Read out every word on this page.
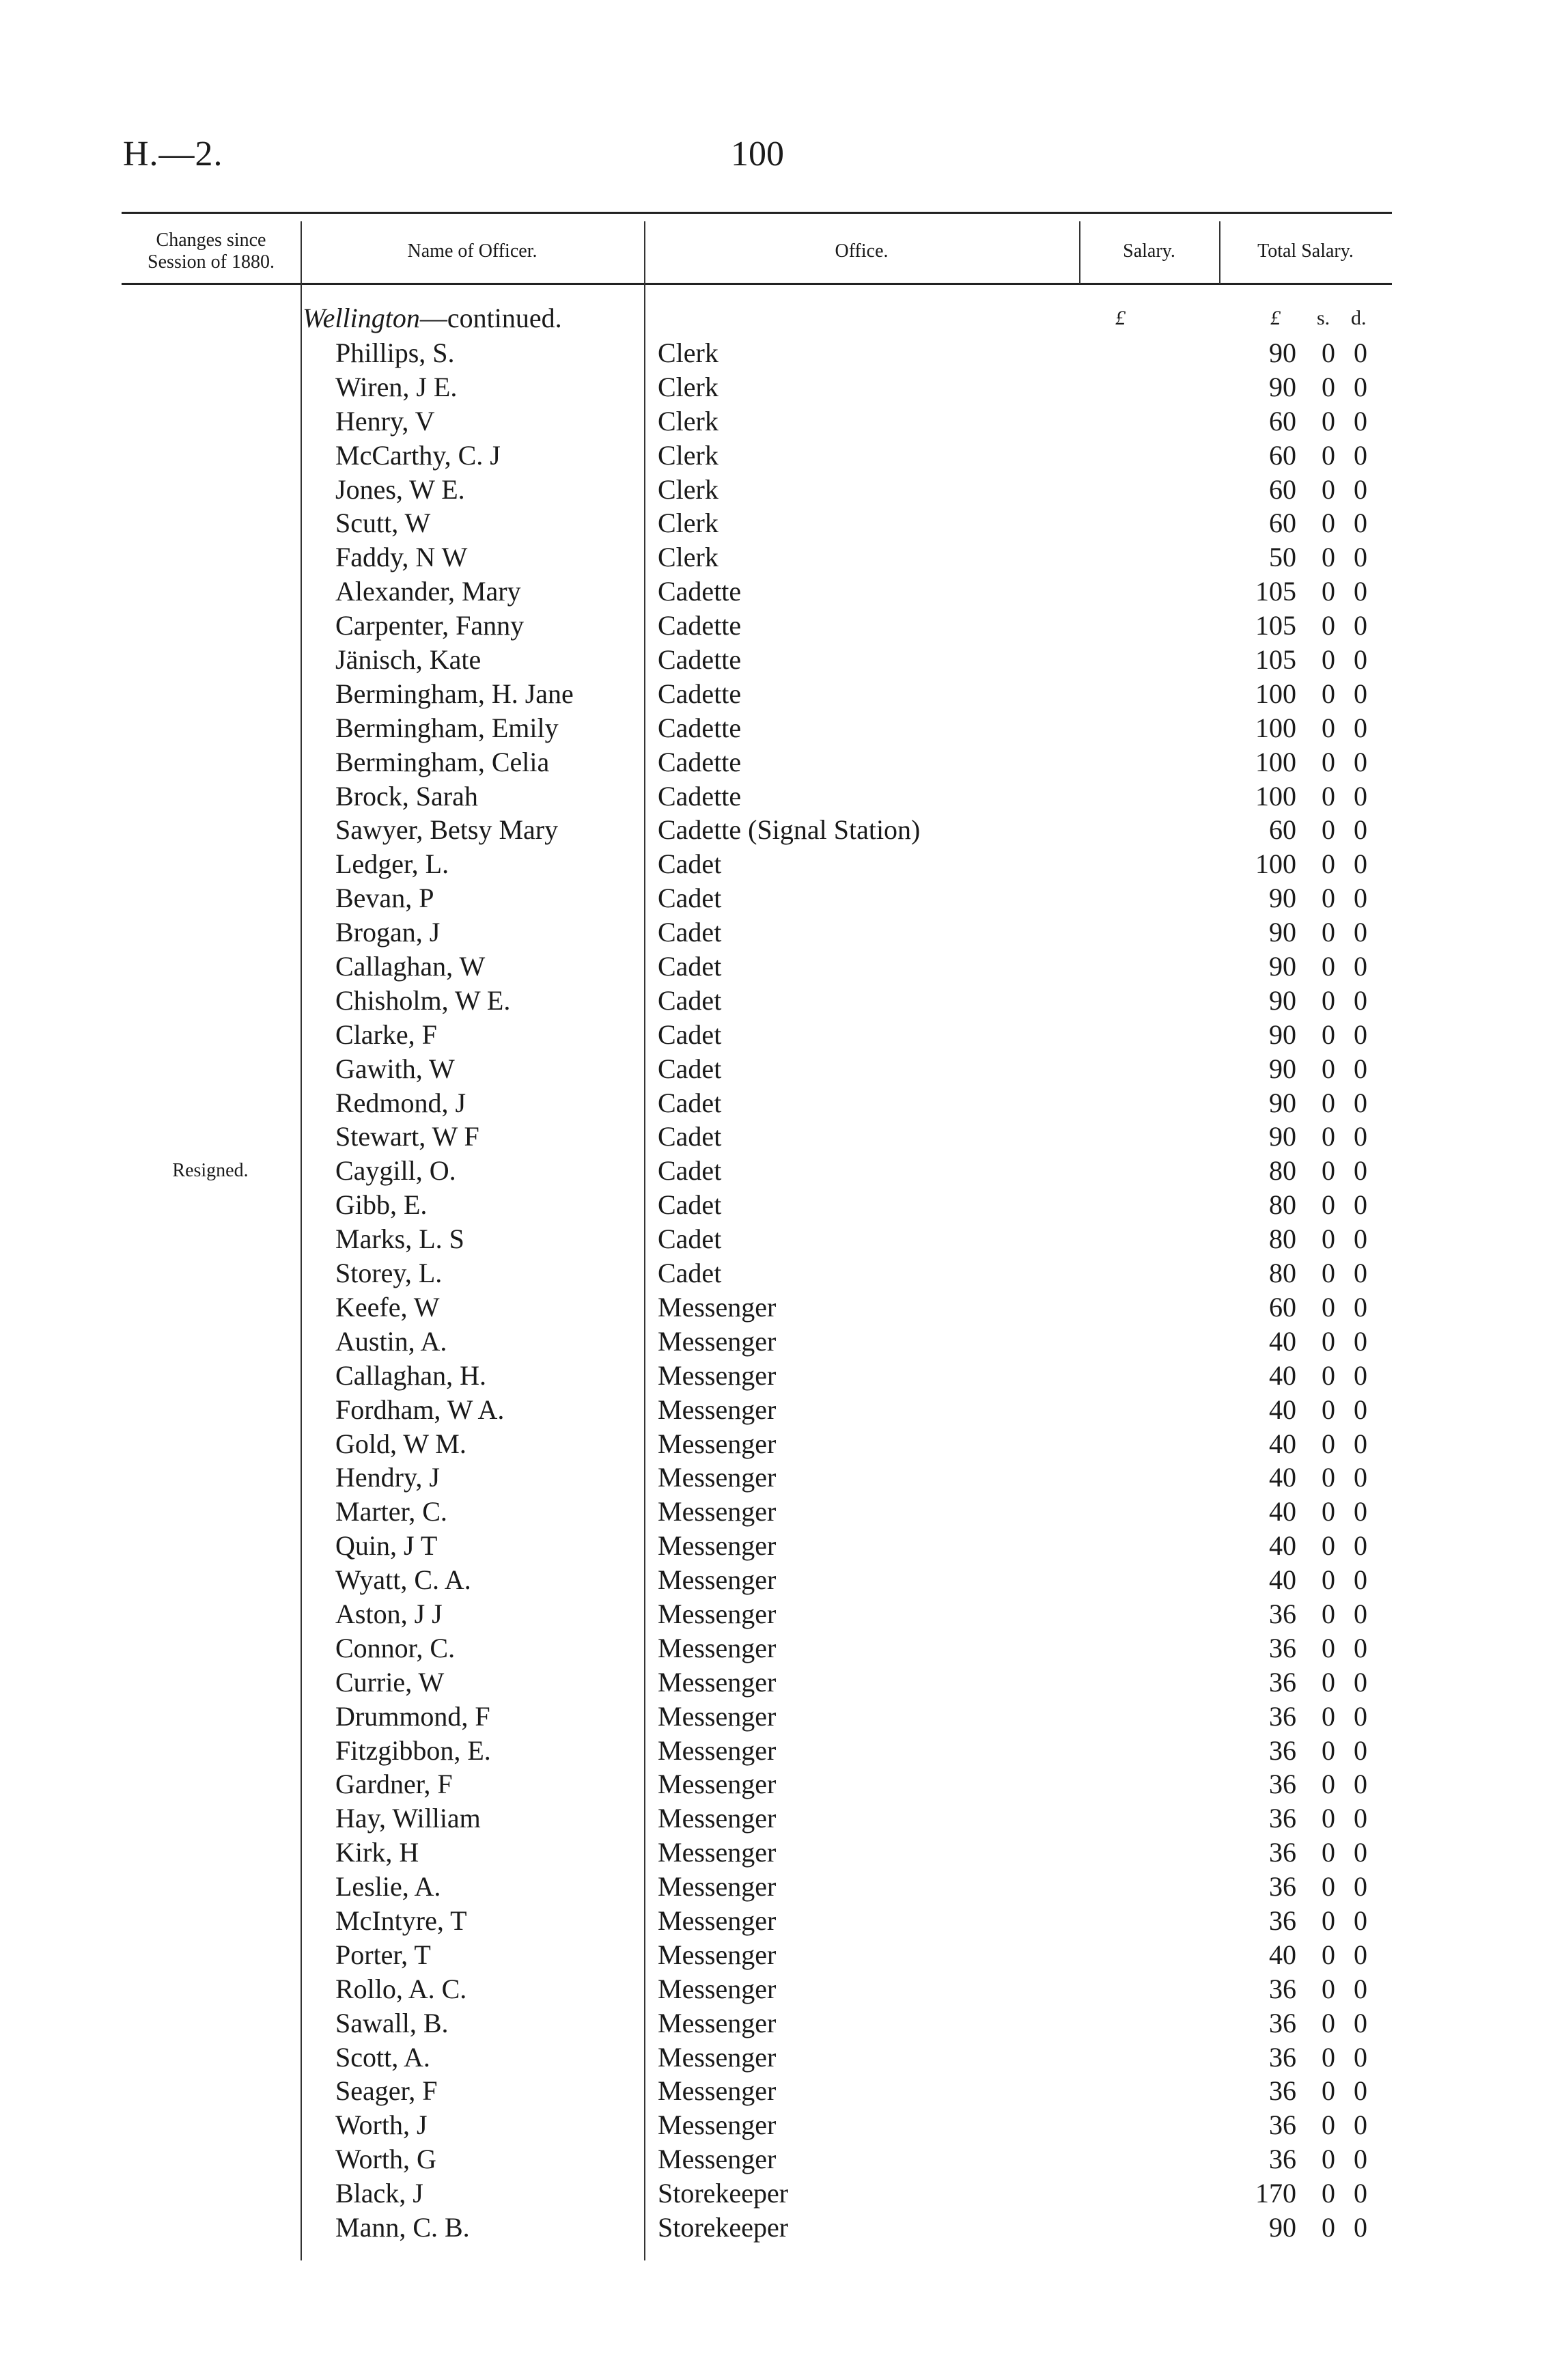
H.—2.	100
Changes since Session of 1880.
Name of Officer.	Office.	Salary.	Total Salary.
Wellington—continued.	£	£ s. d.
Phillips, S.	Clerk	90 0 0
Wiren, J E.	Clerk	90 0 0
Henry, V	Clerk	60 0 0
McCarthy, C. J	Clerk	60 0 0
Jones, W E.	Clerk	60 0 0
Scutt, W	Clerk	60 0 0
Faddy, N W	Clerk	50 0 0
Alexander, Mary	Cadette	105 0 0
Carpenter, Fanny	Cadette	105 0 0
Jänisch, Kate	Cadette	105 0 0
Bermingham, H. Jane	Cadette	100 0 0
Bermingham, Emily	Cadette	100 0 0
Bermingham, Celia	Cadette	100 0 0
Brock, Sarah	Cadette	100 0 0
Sawyer, Betsy Mary	Cadette (Signal Station)	60 0 0
Ledger, L.	Cadet	100 0 0
Bevan, P	Cadet	90 0 0
Brogan, J	Cadet	90 0 0
Callaghan, W	Cadet	90 0 0
Chisholm, W E.	Cadet	90 0 0
Clarke, F	Cadet	90 0 0
Gawith, W	Cadet	90 0 0
Redmond, J	Cadet	90 0 0
Stewart, W F	Cadet	90 0 0
Resigned.	Caygill, O.	Cadet	80 0 0
Gibb, E.	Cadet	80 0 0
Marks, L. S	Cadet	80 0 0
Storey, L.	Cadet	80 0 0
Keefe, W	Messenger	60 0 0
Austin, A.	Messenger	40 0 0
Callaghan, H.	Messenger	40 0 0
Fordham, W A.	Messenger	40 0 0
Gold, W M.	Messenger	40 0 0
Hendry, J	Messenger	40 0 0
Marter, C.	Messenger	40 0 0
Quin, J T	Messenger	40 0 0
Wyatt, C. A.	Messenger	40 0 0
Aston, J J	Messenger	36 0 0
Connor, C.	Messenger	36 0 0
Currie, W	Messenger	36 0 0
Drummond, F	Messenger	36 0 0
Fitzgibbon, E.	Messenger	36 0 0
Gardner, F	Messenger	36 0 0
Hay, William	Messenger	36 0 0
Kirk, H	Messenger	36 0 0
Leslie, A.	Messenger	36 0 0
McIntyre, T	Messenger	36 0 0
Porter, T	Messenger	40 0 0
Rollo, A. C.	Messenger	36 0 0
Sawall, B.	Messenger	36 0 0
Scott, A.	Messenger	36 0 0
Seager, F	Messenger	36 0 0
Worth, J	Messenger	36 0 0
Worth, G	Messenger	36 0 0
Black, J	Storekeeper	170 0 0
Mann, C. B.	Storekeeper	90 0 0
